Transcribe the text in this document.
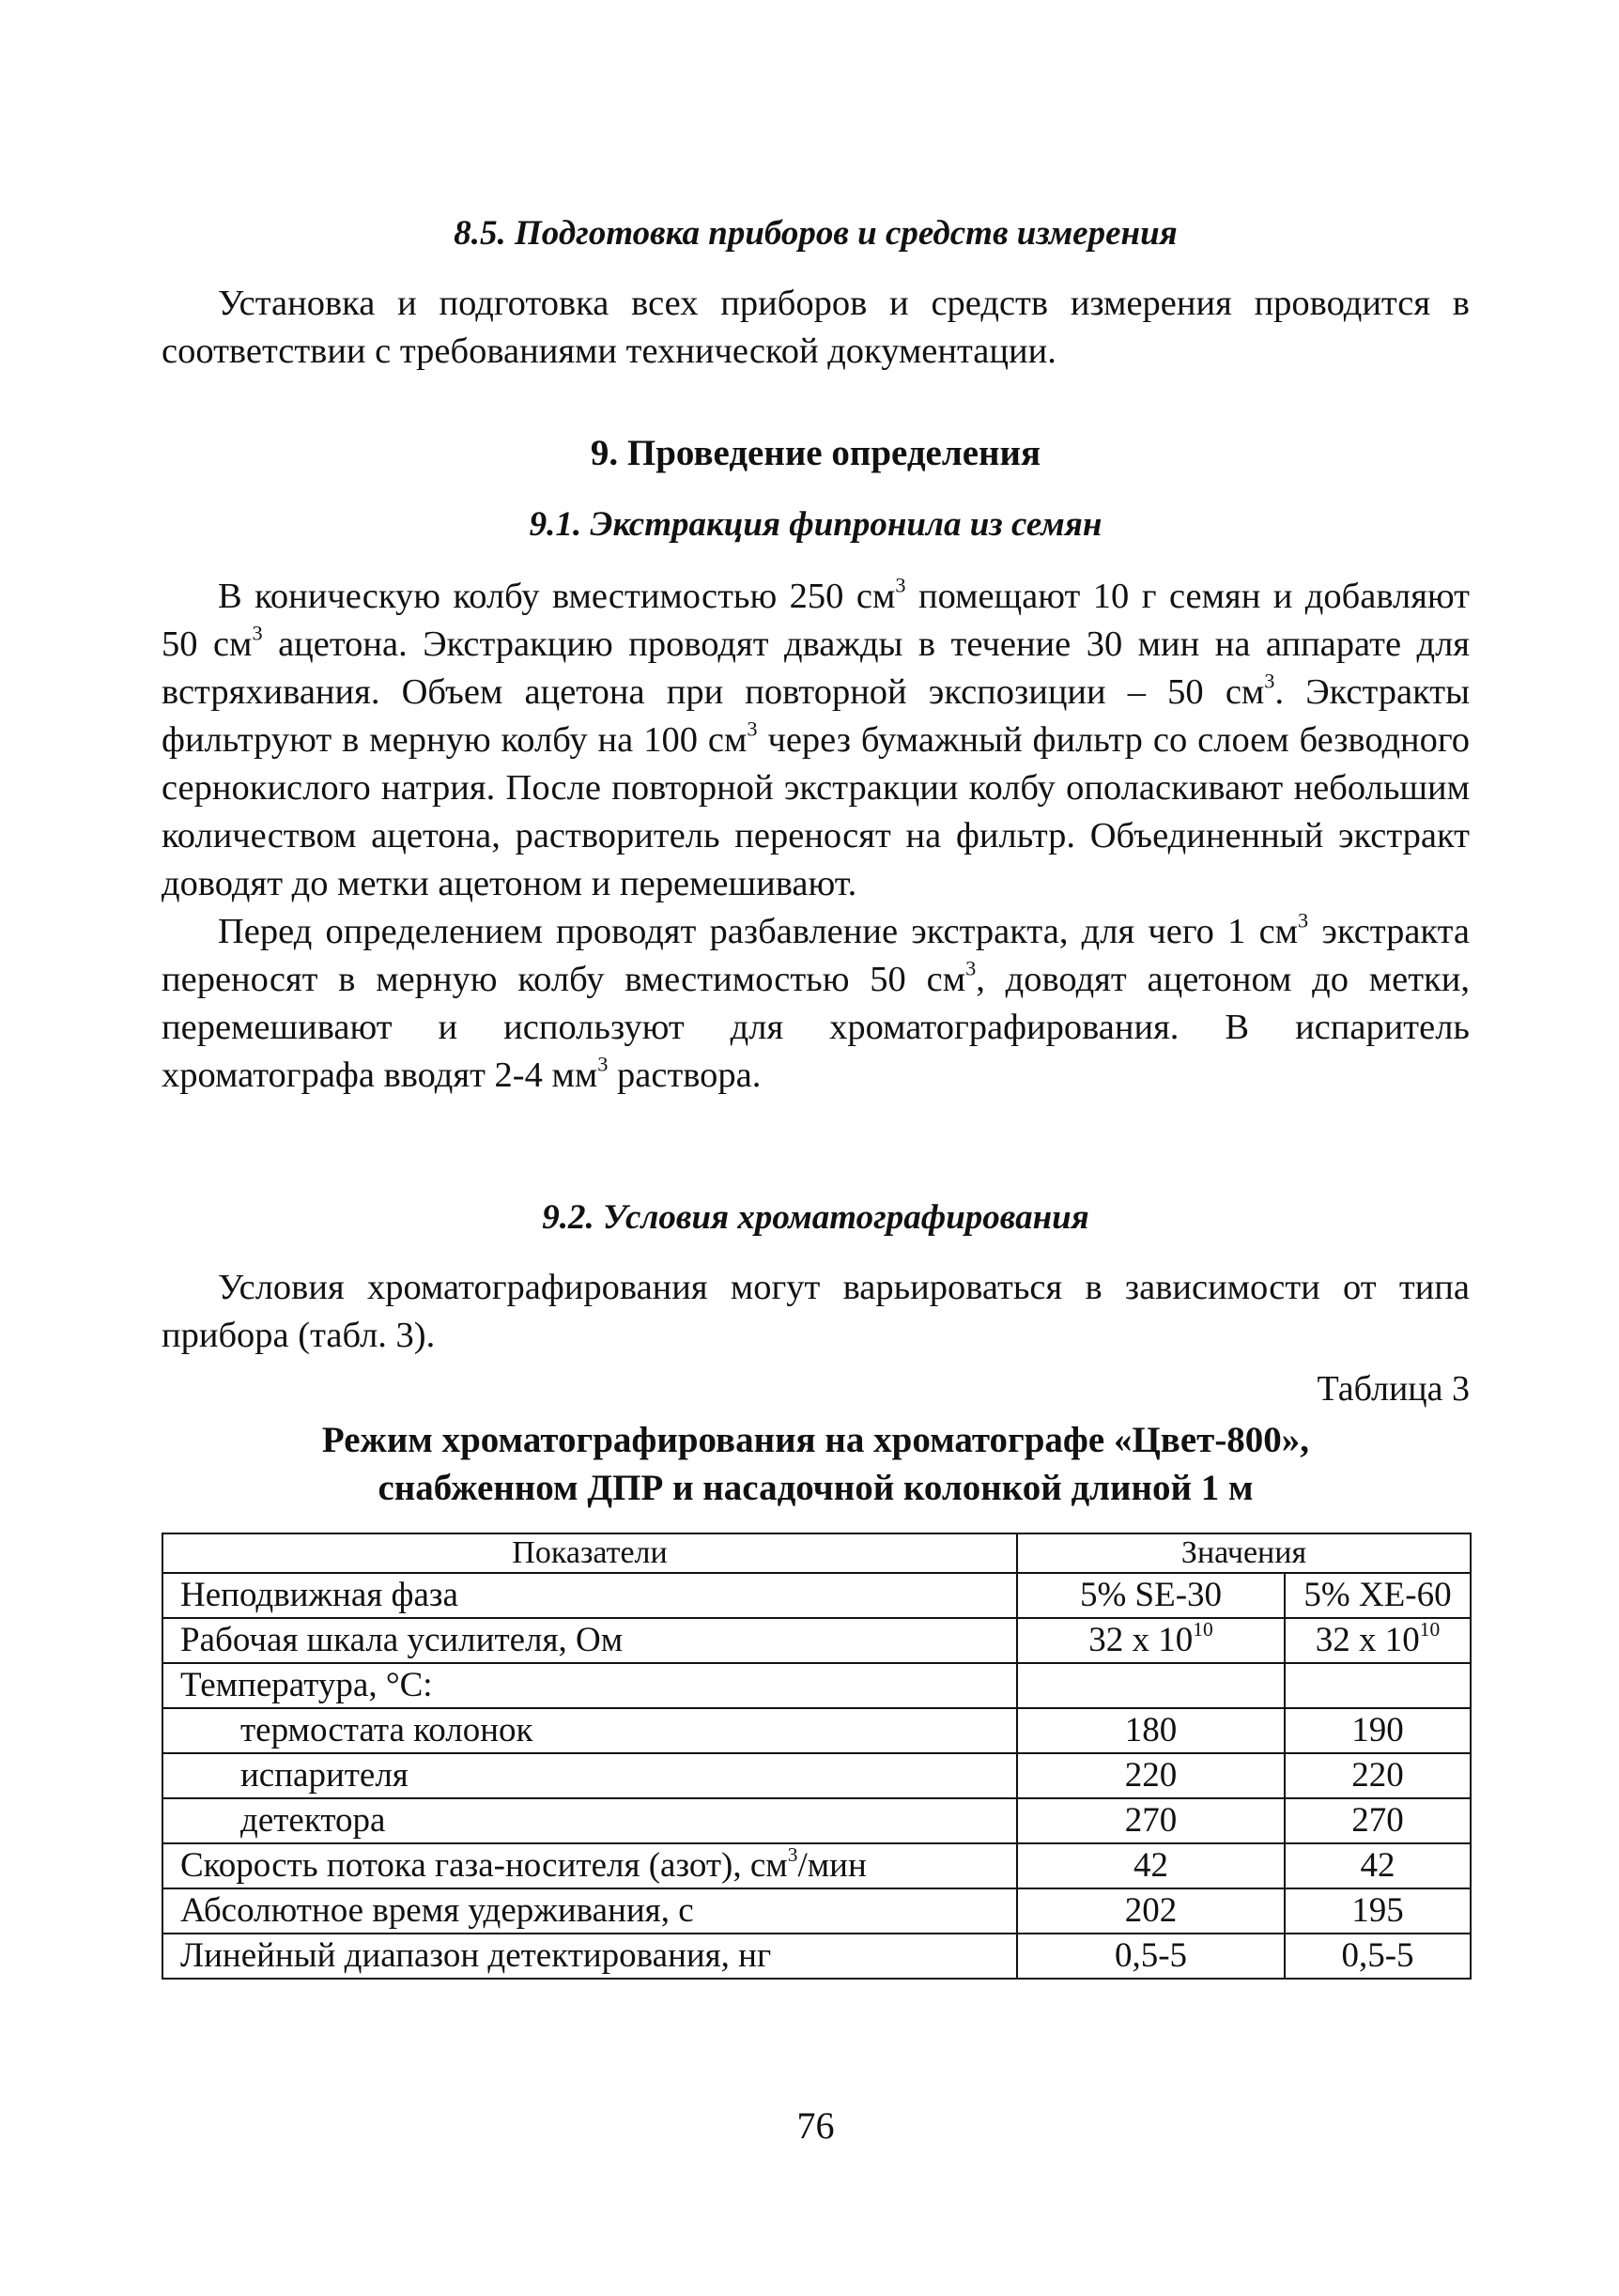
8.5. Подготовка приборов и средств измерения

Установка и подготовка всех приборов и средств измерения проводится в соответствии с требованиями технической документации.

9. Проведение определения

9.1. Экстракция фипронила из семян

В коническую колбу вместимостью 250 $см^3$ помещают 10 г семян и добавляют 50 $см^3$ ацетона. Экстракцию проводят дважды в течение 30 мин на аппарате для встряхивания. Объем ацетона при повторной экспозиции – 50 $см^3$. Экстракты фильтруют в мерную колбу на 100 $см^3$ через бумажный фильтр со слоем безводного сернокислого натрия. После повторной экстракции колбу ополаскивают небольшим количеством ацетона, растворитель переносят на фильтр. Объединенный экстракт доводят до метки ацетоном и перемешивают.

Перед определением проводят разбавление экстракта, для чего 1 $см^3$ экстракта переносят в мерную колбу вместимостью 50 $см^3$, доводят ацетоном до метки, перемешивают и используют для хроматографирования. В испаритель хроматографа вводят 2-4 $мм^3$ раствора.

9.2. Условия хроматографирования

Условия хроматографирования могут варьироваться в зависимости от типа прибора (табл. 3).

Таблица 3
Режим хроматографирования на хроматографе «Цвет-800»,
снабженном ДПР и насадочной колонкой длиной 1 м
Показатели	Значения	
Неподвижная фаза	5% SE-30	5% XE-60
Рабочая шкала усилителя, Ом	32 x $10^{10}$	32 x $10^{10}$
Температура, °С:		
термостата колонок	180	190
испарителя	220	220
детектора	270	270
Скорость потока газа-носителя (азот), $см^3$/мин	42	42
Абсолютное время удерживания, с	202	195
Линейный диапазон детектирования, нг	0,5-5	0,5-5
76
